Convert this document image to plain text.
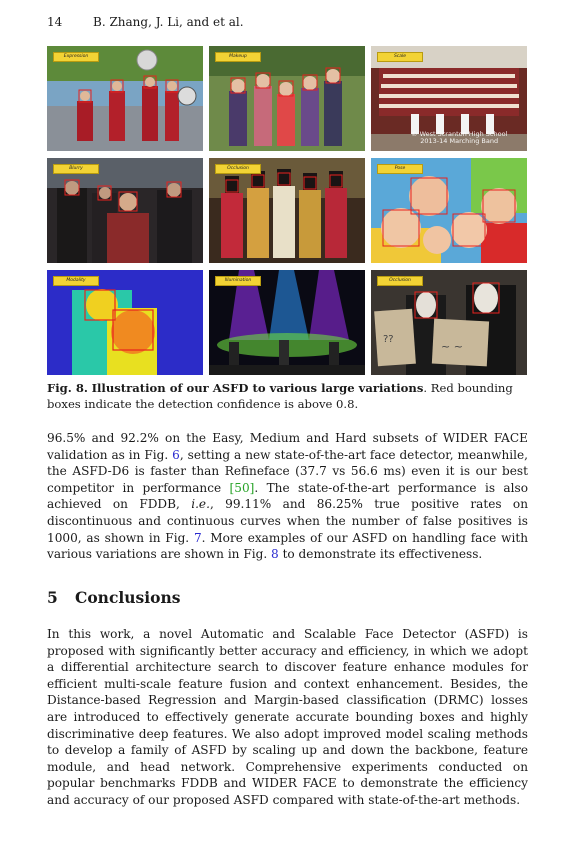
14	B. Zhang, J. Li, and et al.
Expression	Makeup	Scale
© West Scranton High School
2013-14 Marching Band
Blurry	Occlusion	Pose
Modality	Illumination
??
~ ~
Occlusion
Fig. 8. Illustration of our ASFD to various large variations. Red bounding boxes indicate the detection confidence is above 0.8.

96.5% and 92.2% on the Easy, Medium and Hard subsets of WIDER FACE validation as in Fig. 6, setting a new state-of-the-art face detector, meanwhile, the ASFD-D6 is faster than Refineface (37.7 vs 56.6 ms) even it is our best competitor in performance [50]. The state-of-the-art performance is also achieved on FDDB, i.e., 99.11% and 86.25% true positive rates on discontinuous and continuous curves when the number of false positives is 1000, as shown in Fig. 7. More examples of our ASFD on handling face with various variations are shown in Fig. 8 to demonstrate its effectiveness.

5 Conclusions

In this work, a novel Automatic and Scalable Face Detector (ASFD) is proposed with significantly better accuracy and efficiency, in which we adopt a differential architecture search to discover feature enhance modules for efficient multi-scale feature fusion and context enhancement. Besides, the Distance-based Regression and Margin-based classification (DRMC) losses are introduced to effectively generate accurate bounding boxes and highly discriminative deep features. We also adopt improved model scaling methods to develop a family of ASFD by scaling up and down the backbone, feature module, and head network. Comprehensive experiments conducted on popular benchmarks FDDB and WIDER FACE to demonstrate the efficiency and accuracy of our proposed ASFD compared with state-of-the-art methods.
